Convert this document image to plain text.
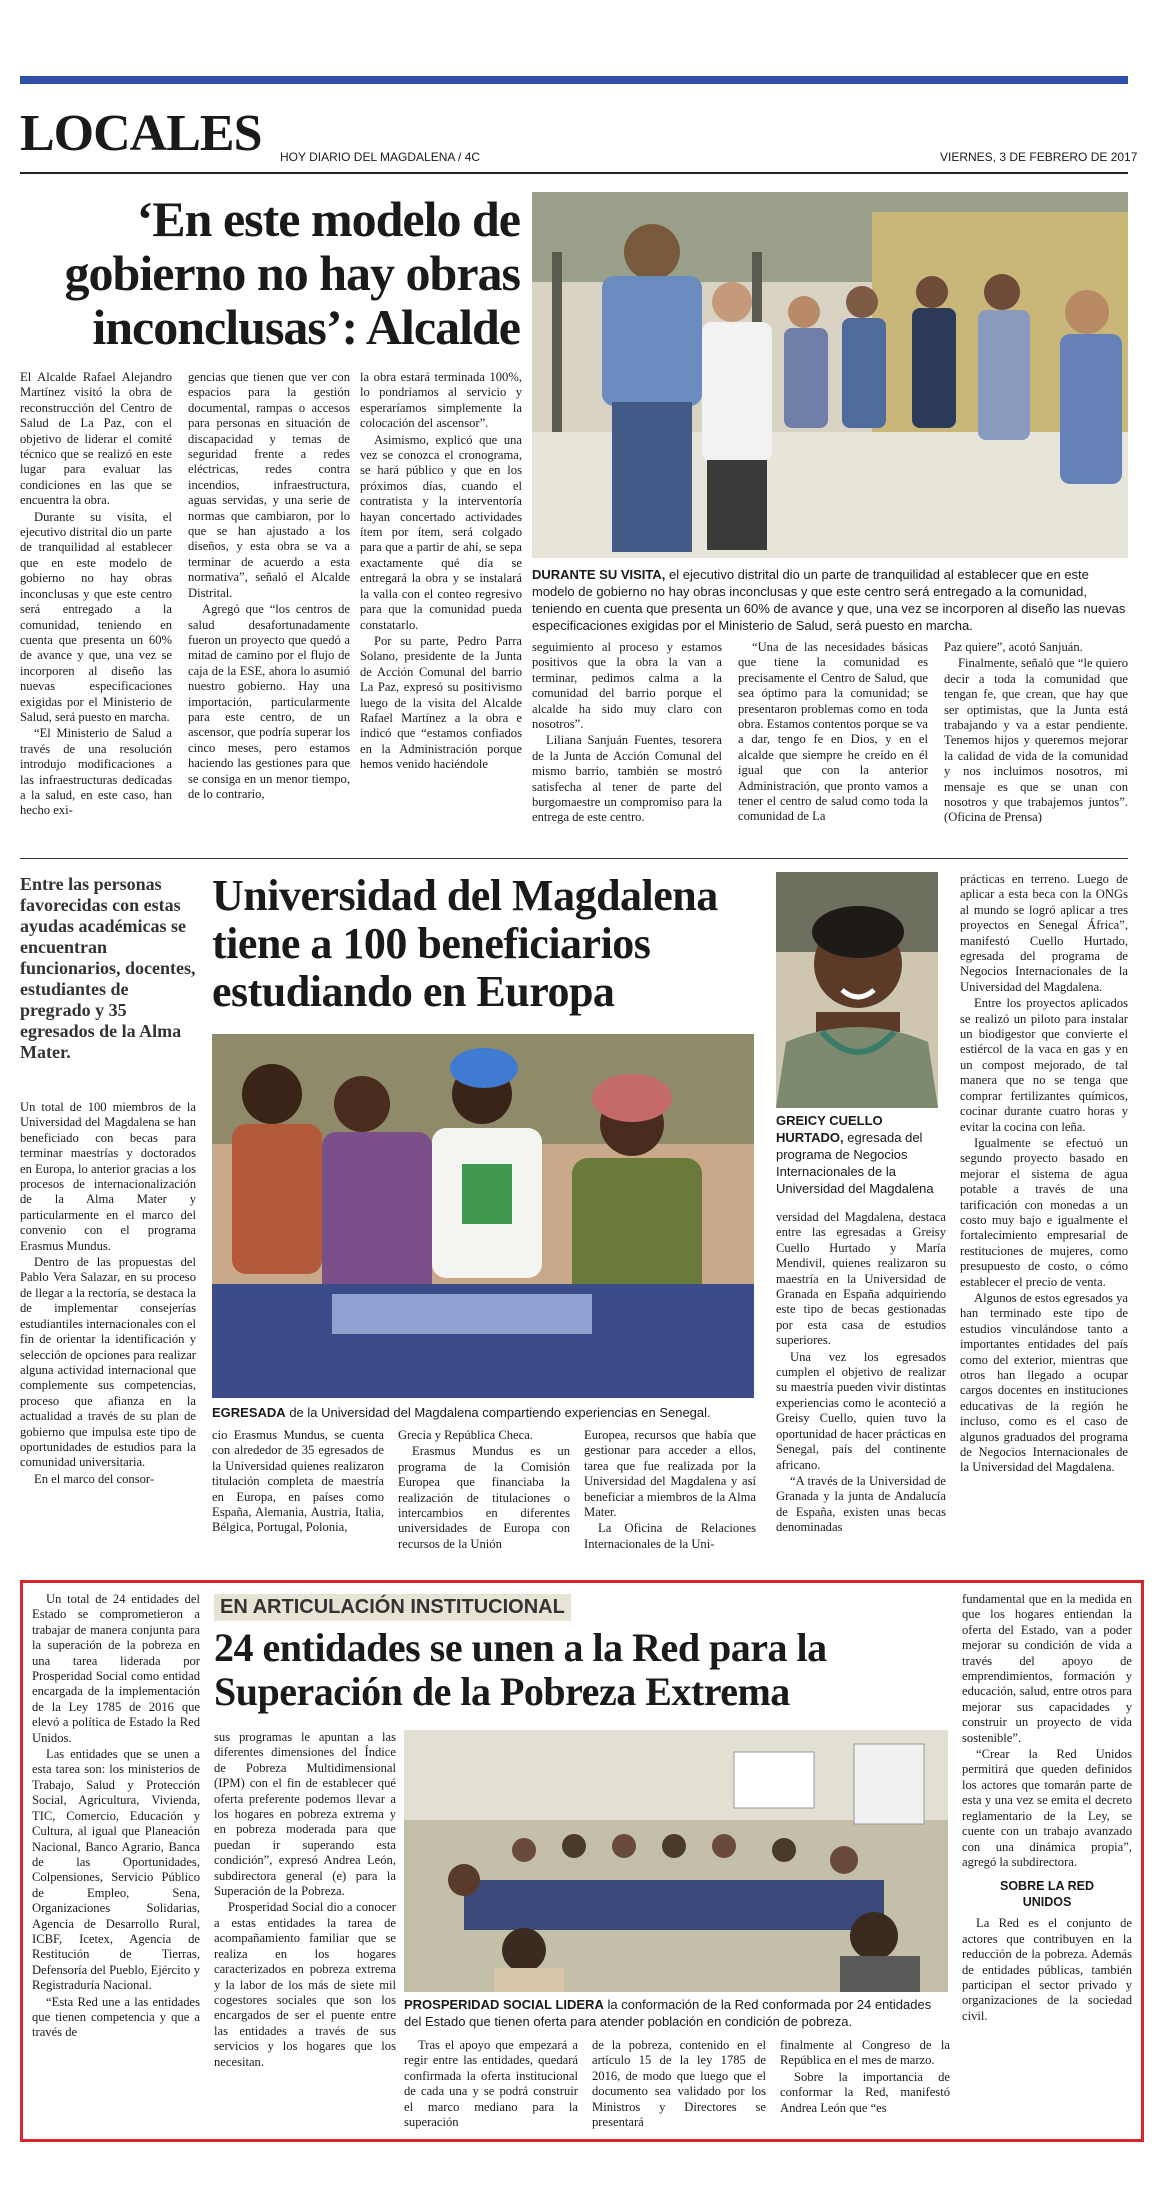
LOCALES HOY DIARIO DEL MAGDALENA / 4C	VIERNES, 3 DE FEBRERO DE 2017
‘En este modelo de gobierno no hay obras inconclusas’: Alcalde
DURANTE SU VISITA, el ejecutivo distrital dio un parte de tranquilidad al establecer que en este modelo de gobierno no hay obras inconclusas y que este centro será entregado a la comunidad, teniendo en cuenta que presenta un 60% de avance y que, una vez se incorporen al diseño las nuevas especificaciones exigidas por el Ministerio de Salud, será puesto en marcha.

El Alcalde Rafael Alejandro Martínez visitó la obra de reconstrucción del Centro de Salud de La Paz, con el objetivo de liderar el comité técnico que se realizó en este lugar para evaluar las condiciones en las que se encuentra la obra.

Durante su visita, el ejecutivo distrital dio un parte de tranquilidad al establecer que en este modelo de gobierno no hay obras inconclusas y que este centro será entregado a la comunidad, teniendo en cuenta que presenta un 60% de avance y que, una vez se incorporen al diseño las nuevas especificaciones exigidas por el Ministerio de Salud, será puesto en marcha.

“El Ministerio de Salud a través de una resolución introdujo modificaciones a las infraestructuras dedicadas a la salud, en este caso, han hecho exi-

gencias que tienen que ver con espacios para la gestión documental, rampas o accesos para personas en situación de discapacidad y temas de seguridad frente a redes eléctricas, redes contra incendios, infraestructura, aguas servidas, y una serie de normas que cambiaron, por lo que se han ajustado a los diseños, y esta obra se va a terminar de acuerdo a esta normativa”, señaló el Alcalde Distrital.

Agregó que “los centros de salud desafortunadamente fueron un proyecto que quedó a mitad de camino por el flujo de caja de la ESE, ahora lo asumió nuestro gobierno. Hay una importación, particularmente para este centro, de un ascensor, que podría superar los cinco meses, pero estamos haciendo las gestiones para que se consiga en un menor tiempo, de lo contrario,

la obra estará terminada 100%, lo pondríamos al servicio y esperaríamos simplemente la colocación del ascensor”.

Asimismo, explicó que una vez se conozca el cronograma, se hará público y que en los próximos días, cuando el contratista y la interventoría hayan concertado actividades ítem por ítem, será colgado para que a partir de ahí, se sepa exactamente qué día se entregará la obra y se instalará la valla con el conteo regresivo para que la comunidad pueda constatarlo.

Por su parte, Pedro Parra Solano, presidente de la Junta de Acción Comunal del barrio La Paz, expresó su positivismo luego de la visita del Alcalde Rafael Martínez a la obra e indicó que “estamos confiados en la Administración porque hemos venido haciéndole

seguimiento al proceso y estamos positivos que la obra la van a terminar, pedimos calma a la comunidad del barrio porque el alcalde ha sido muy claro con nosotros”.

Liliana Sanjuán Fuentes, tesorera de la Junta de Acción Comunal del mismo barrio, también se mostró satisfecha al tener de parte del burgomaestre un compromiso para la entrega de este centro.

“Una de las necesidades básicas que tiene la comunidad es precisamente el Centro de Salud, que sea óptimo para la comunidad; se presentaron problemas como en toda obra. Estamos contentos porque se va a dar, tengo fe en Dios, y en el alcalde que siempre he creído en él igual que con la anterior Administración, que pronto vamos a tener el centro de salud como toda la comunidad de La

Paz quiere”, acotó Sanjuán.

Finalmente, señaló que “le quiero decir a toda la comunidad que tengan fe, que crean, que hay que ser optimistas, que la Junta está trabajando y va a estar pendiente. Tenemos hijos y queremos mejorar la calidad de vida de la comunidad y nos incluimos nosotros, mi mensaje es que se unan con nosotros y que trabajemos juntos”.(Oficina de Prensa)

Entre las personas favorecidas con estas ayudas académicas se encuentran funcionarios, docentes, estudiantes de pregrado y 35 egresados de la Alma Mater.
Universidad del Magdalena tiene a 100 beneficiarios estudiando en Europa
GREICY CUELLO HURTADO, egresada del programa de Negocios Internacionales de la Universidad del Magdalena
EGRESADA de la Universidad del Magdalena compartiendo experiencias en Senegal.

Un total de 100 miembros de la Universidad del Magdalena se han beneficiado con becas para terminar maestrías y doctorados en Europa, lo anterior gracias a los procesos de internacionalización de la Alma Mater y particularmente en el marco del convenio con el programa Erasmus Mundus.

Dentro de las propuestas del Pablo Vera Salazar, en su proceso de llegar a la rectoría, se destaca la de implementar consejerías estudiantiles internacionales con el fin de orientar la identificación y selección de opciones para realizar alguna actividad internacional que complemente sus competencias, proceso que afianza en la actualidad a través de su plan de gobierno que impulsa este tipo de oportunidades de estudios para la comunidad universitaria.

En el marco del consor-

cio Erasmus Mundus, se cuenta con alrededor de 35 egresados de la Universidad quienes realizaron titulación completa de maestría en Europa, en países como España, Alemania, Austria, Italia, Bélgica, Portugal, Polonia,

Grecia y República Checa.

Erasmus Mundus es un programa de la Comisión Europea que financiaba la realización de titulaciones o intercambios en diferentes universidades de Europa con recursos de la Unión

Europea, recursos que había que gestionar para acceder a ellos, tarea que fue realizada por la Universidad del Magdalena y así beneficiar a miembros de la Alma Mater.

La Oficina de Relaciones Internacionales de la Uni-

versidad del Magdalena, destaca entre las egresadas a Greisy Cuello Hurtado y María Mendivil, quienes realizaron su maestría en la Universidad de Granada en España adquiriendo este tipo de becas gestionadas por esta casa de estudios superiores.

Una vez los egresados cumplen el objetivo de realizar su maestría pueden vivir distintas experiencias como le aconteció a Greisy Cuello, quien tuvo la oportunidad de hacer prácticas en Senegal, país del continente africano.

“A través de la Universidad de Granada y la junta de Andalucía de España, existen unas becas denominadas

prácticas en terreno. Luego de aplicar a esta beca con la ONGs al mundo se logró aplicar a tres proyectos en Senegal África”, manifestó Cuello Hurtado, egresada del programa de Negocios Internacionales de la Universidad del Magdalena.

Entre los proyectos aplicados se realizó un piloto para instalar un biodigestor que convierte el estiércol de la vaca en gas y en un compost mejorado, de tal manera que no se tenga que comprar fertilizantes químicos, cocinar durante cuatro horas y evitar la cocina con leña.

Igualmente se efectuó un segundo proyecto basado en mejorar el sistema de agua potable a través de una tarificación con monedas a un costo muy bajo e igualmente el fortalecimiento empresarial de restituciones de mujeres, como presupuesto de costo, o cómo establecer el precio de venta.

Algunos de estos egresados ya han terminado este tipo de estudios vinculándose tanto a importantes entidades del país como del exterior, mientras que otros han llegado a ocupar cargos docentes en instituciones educativas de la región he incluso, como es el caso de algunos graduados del programa de Negocios Internacionales de la Universidad del Magdalena.

Un total de 24 entidades del Estado se comprometieron a trabajar de manera conjunta para la superación de la pobreza en una tarea liderada por Prosperidad Social como entidad encargada de la implementación de la Ley 1785 de 2016 que elevó a política de Estado la Red Unidos.

Las entidades que se unen a esta tarea son: los ministerios de Trabajo, Salud y Protección Social, Agricultura, Vivienda, TIC, Comercio, Educación y Cultura, al igual que Planeación Nacional, Banco Agrario, Banca de las Oportunidades, Colpensiones, Servicio Público de Empleo, Sena, Organizaciones Solidarias, Agencia de Desarrollo Rural, ICBF, Icetex, Agencia de Restitución de Tierras, Defensoría del Pueblo, Ejército y Registraduría Nacional.

“Esta Red une a las entidades que tienen competencia y que a través de

EN ARTICULACIÓN INSTITUCIONAL
24 entidades se unen a la Red para la Superación de la Pobreza Extrema

sus programas le apuntan a las diferentes dimensiones del Índice de Pobreza Multidimensional (IPM) con el fin de establecer qué oferta preferente podemos llevar a los hogares en pobreza extrema y en pobreza moderada para que puedan ir superando esta condición”, expresó Andrea León, subdirectora general (e) para la Superación de la Pobreza.

Prosperidad Social dio a conocer a estas entidades la tarea de acompañamiento familiar que se realiza en los hogares caracterizados en pobreza extrema y la labor de los más de siete mil cogestores sociales que son los encargados de ser el puente entre las entidades a través de sus servicios y los hogares que los necesitan.

PROSPERIDAD SOCIAL LIDERA la conformación de la Red conformada por 24 entidades del Estado que tienen oferta para atender población en condición de pobreza.

Tras el apoyo que empezará a regir entre las entidades, quedará confirmada la oferta institucional de cada una y se podrá construir el marco mediano para la superación

de la pobreza, contenido en el artículo 15 de la ley 1785 de 2016, de modo que luego que el documento sea validado por los Ministros y Directores se presentará

finalmente al Congreso de la República en el mes de marzo.

Sobre la importancia de conformar la Red, manifestó Andrea León que “es

fundamental que en la medida en que los hogares entiendan la oferta del Estado, van a poder mejorar su condición de vida a través del apoyo de emprendimientos, formación y educación, salud, entre otros para mejorar sus capacidades y construir un proyecto de vida sostenible”.

“Crear la Red Unidos permitirá que queden definidos los actores que tomarán parte de esta y una vez se emita el decreto reglamentario de la Ley, se cuente con un trabajo avanzado con una dinámica propia”, agregó la subdirectora.

SOBRE LA RED UNIDOS

La Red es el conjunto de actores que contribuyen en la reducción de la pobreza. Además de entidades públicas, también participan el sector privado y organizaciones de la sociedad civil.
